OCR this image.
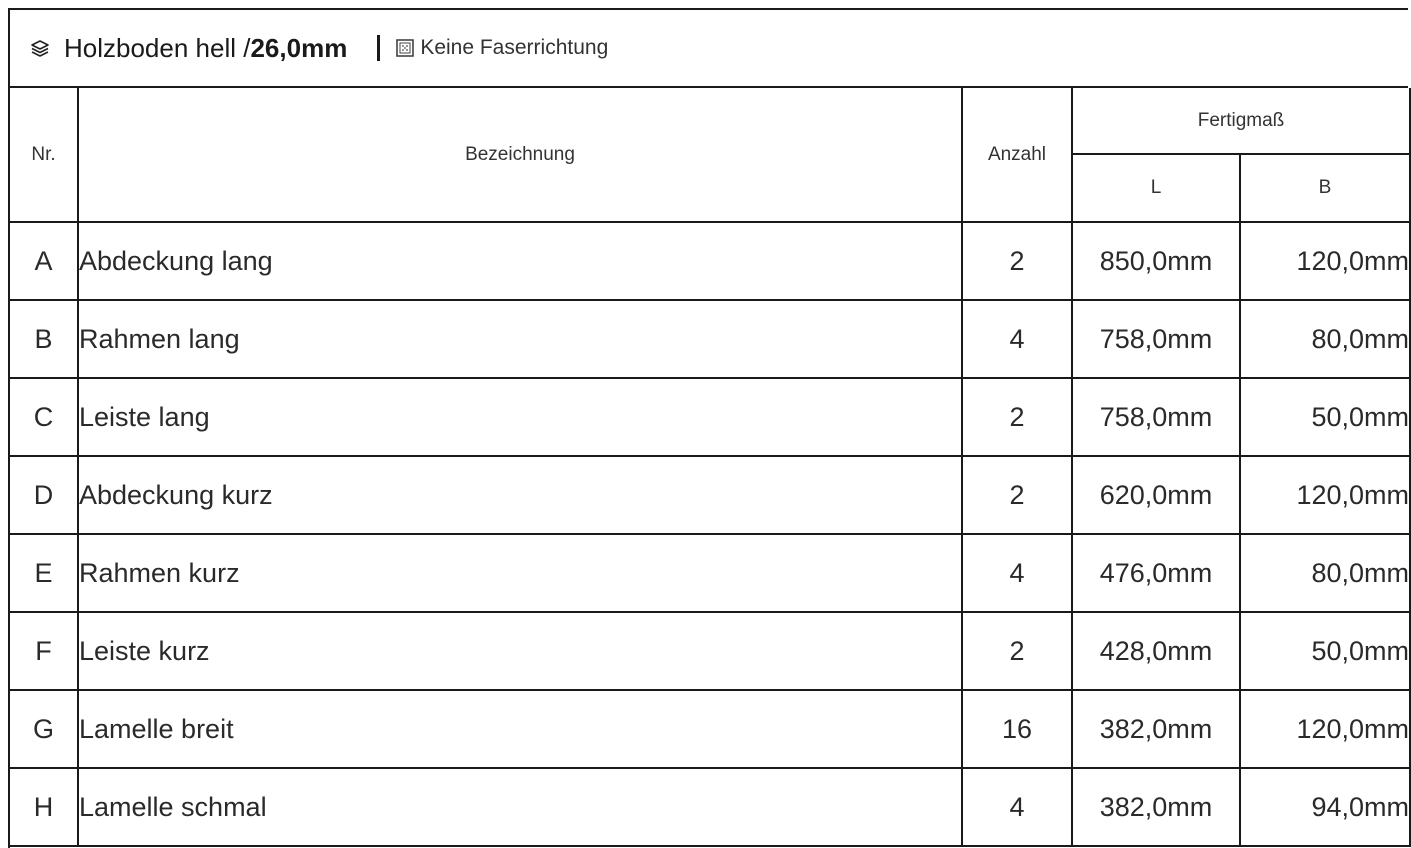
Holzboden hell / 26,0mm	Keine Faserrichtung
Nr.	Bezeichnung	Anzahl	Fertigmaß	
			L	B
A	Abdeckung lang	2	850,0mm	120,0mm
B	Rahmen lang	4	758,0mm	80,0mm
C	Leiste lang	2	758,0mm	50,0mm
D	Abdeckung kurz	2	620,0mm	120,0mm
E	Rahmen kurz	4	476,0mm	80,0mm
F	Leiste kurz	2	428,0mm	50,0mm
G	Lamelle breit	16	382,0mm	120,0mm
H	Lamelle schmal	4	382,0mm	94,0mm
